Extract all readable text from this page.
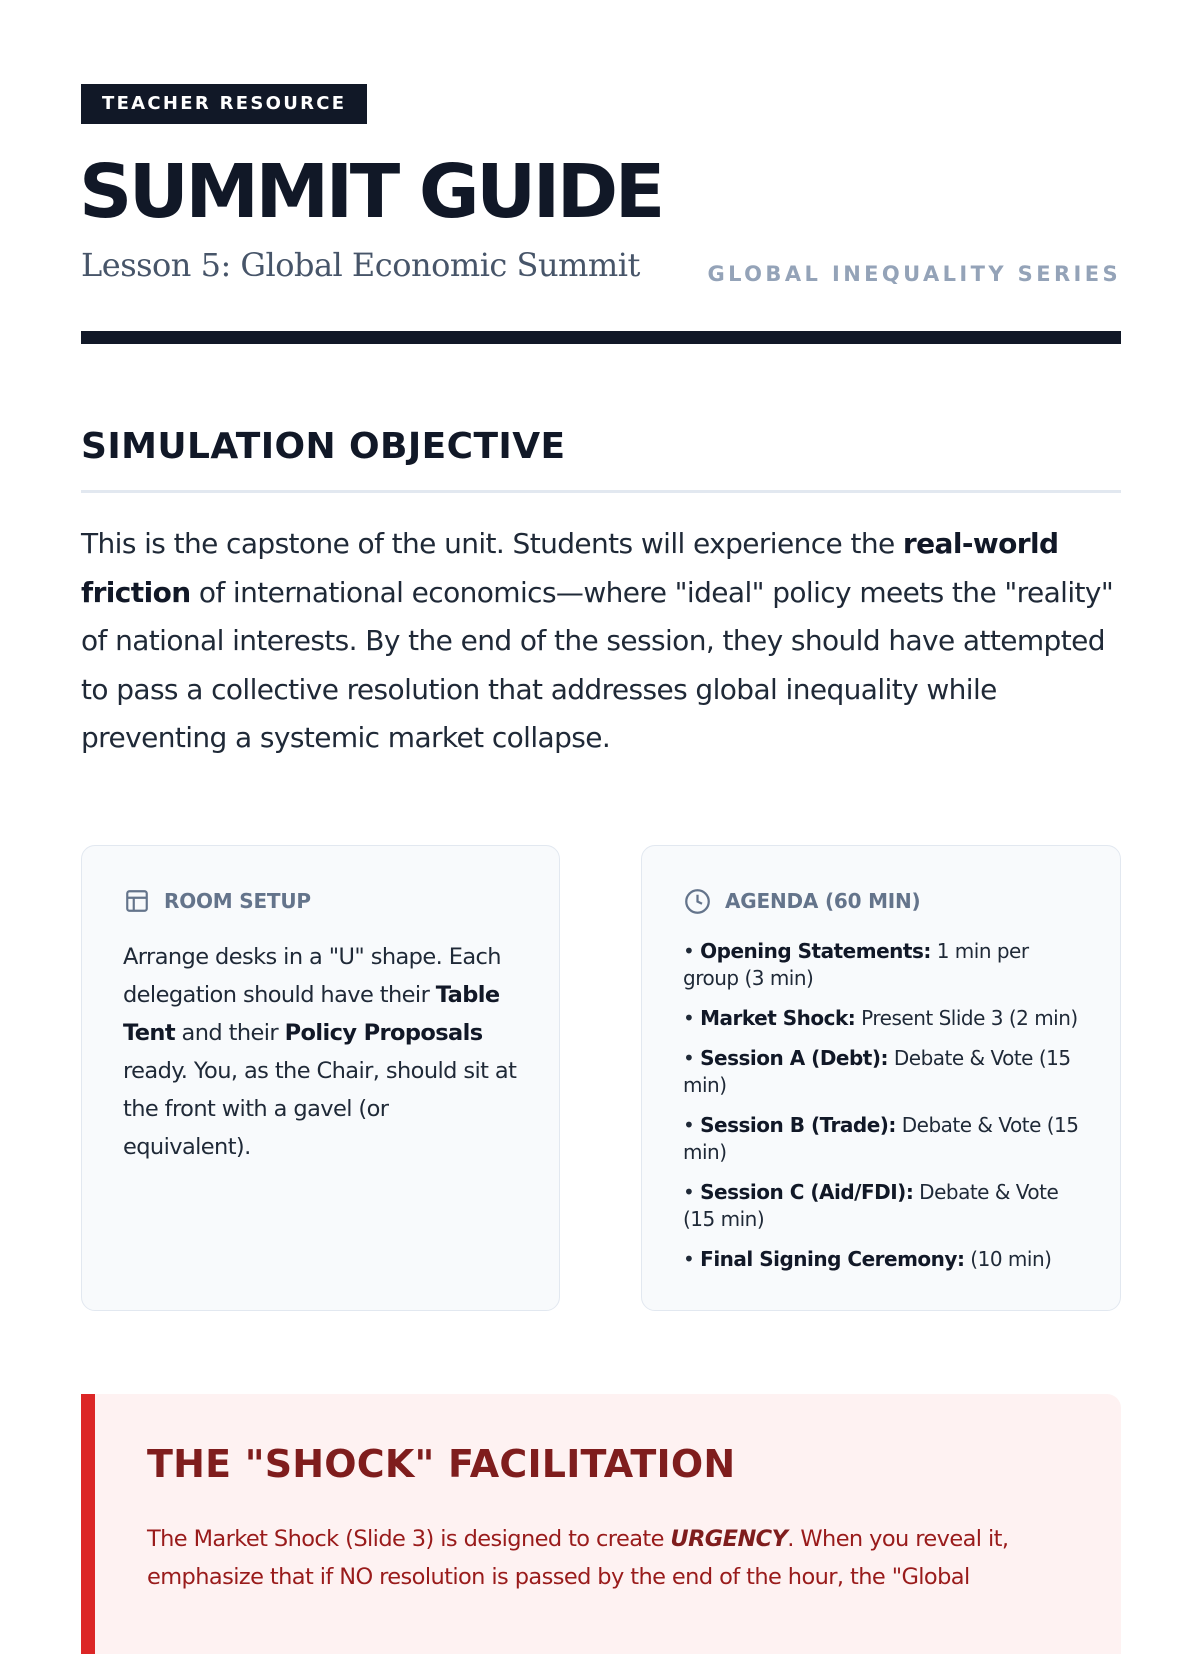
TEACHER RESOURCE
SUMMIT GUIDE
Lesson 5: Global Economic Summit	GLOBAL INEQUALITY SERIES
SIMULATION OBJECTIVE

This is the capstone of the unit. Students will experience the real-world friction of international economics—where "ideal" policy meets the "reality" of national interests. By the end of the session, they should have attempted to pass a collective resolution that addresses global inequality while preventing a systemic market collapse.

ROOM SETUP

Arrange desks in a "U" shape. Each delegation should have their Table Tent and their Policy Proposals ready. You, as the Chair, should sit at the front with a gavel (or equivalent).

AGENDA (60 MIN)
• Opening Statements: 1 min per group (3 min)
• Market Shock: Present Slide 3 (2 min)
• Session A (Debt): Debate & Vote (15 min)
• Session B (Trade): Debate & Vote (15 min)
• Session C (Aid/FDI): Debate & Vote (15 min)
• Final Signing Ceremony: (10 min)
THE "SHOCK" FACILITATION

The Market Shock (Slide 3) is designed to create URGENCY. When you reveal it, emphasize that if NO resolution is passed by the end of the hour, the "Global
